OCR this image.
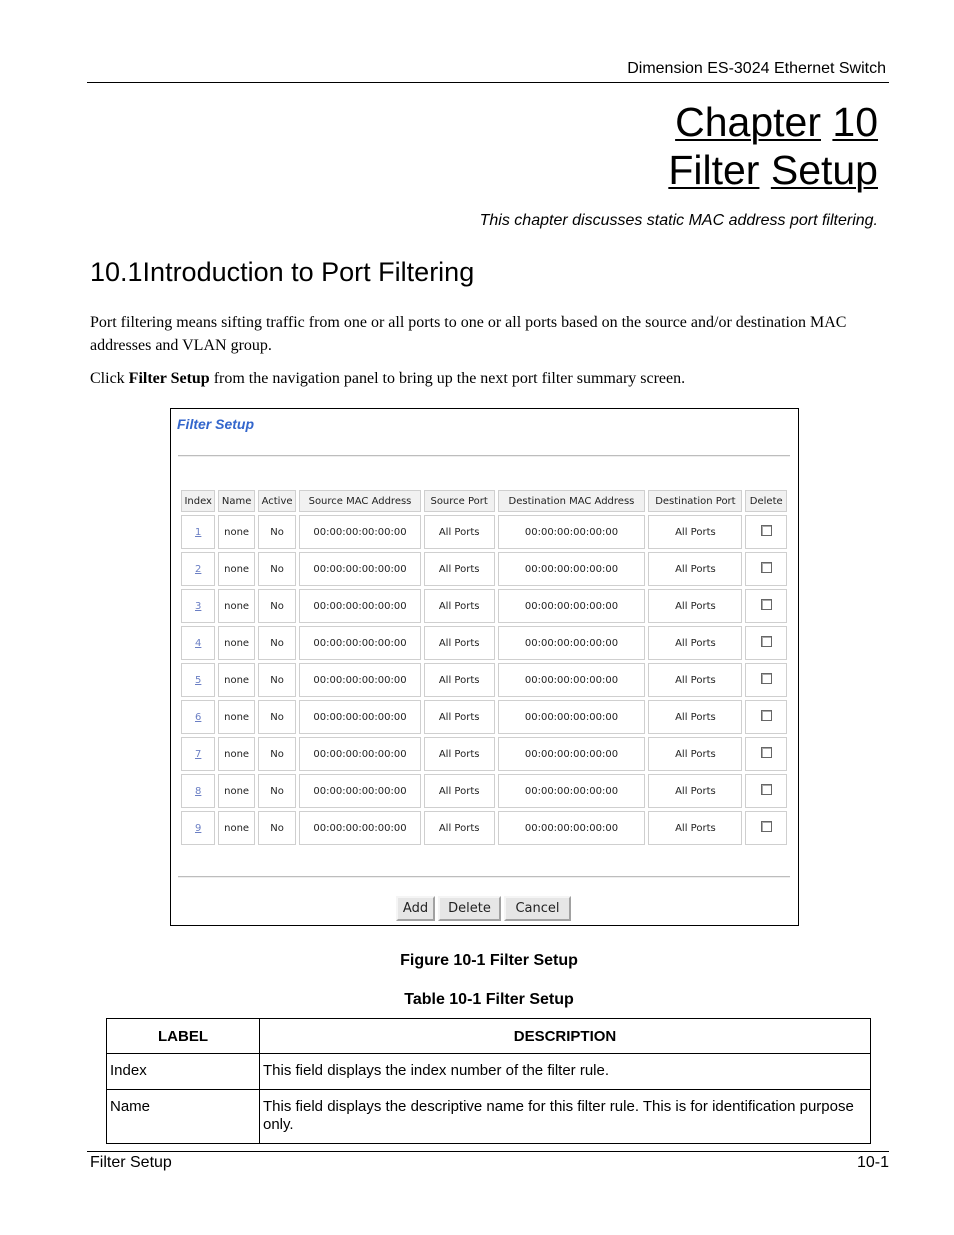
Dimension ES-3024 Ethernet Switch
Chapter 10
Filter Setup
This chapter discusses static MAC address port filtering.
10.1Introduction to Port Filtering

Port filtering means sifting traffic from one or all ports to one or all ports based on the source and/or destination MAC addresses and VLAN group.

Click Filter Setup from the navigation panel to bring up the next port filter summary screen.

Filter Setup
Index	Name	Active	Source MAC Address	Source Port	Destination MAC Address	Destination Port	Delete
1	none	No	00:00:00:00:00:00	All Ports	00:00:00:00:00:00	All Ports	
2	none	No	00:00:00:00:00:00	All Ports	00:00:00:00:00:00	All Ports	
3	none	No	00:00:00:00:00:00	All Ports	00:00:00:00:00:00	All Ports	
4	none	No	00:00:00:00:00:00	All Ports	00:00:00:00:00:00	All Ports	
5	none	No	00:00:00:00:00:00	All Ports	00:00:00:00:00:00	All Ports	
6	none	No	00:00:00:00:00:00	All Ports	00:00:00:00:00:00	All Ports	
7	none	No	00:00:00:00:00:00	All Ports	00:00:00:00:00:00	All Ports	
8	none	No	00:00:00:00:00:00	All Ports	00:00:00:00:00:00	All Ports	
9	none	No	00:00:00:00:00:00	All Ports	00:00:00:00:00:00	All Ports	
Add	Delete	Cancel
Figure 10-1 Filter Setup
Table 10-1 Filter Setup
LABEL	DESCRIPTION
Index	This field displays the index number of the filter rule.
Name	This field displays the descriptive name for this filter rule. This is for identification purpose only.
Filter Setup	10-1
